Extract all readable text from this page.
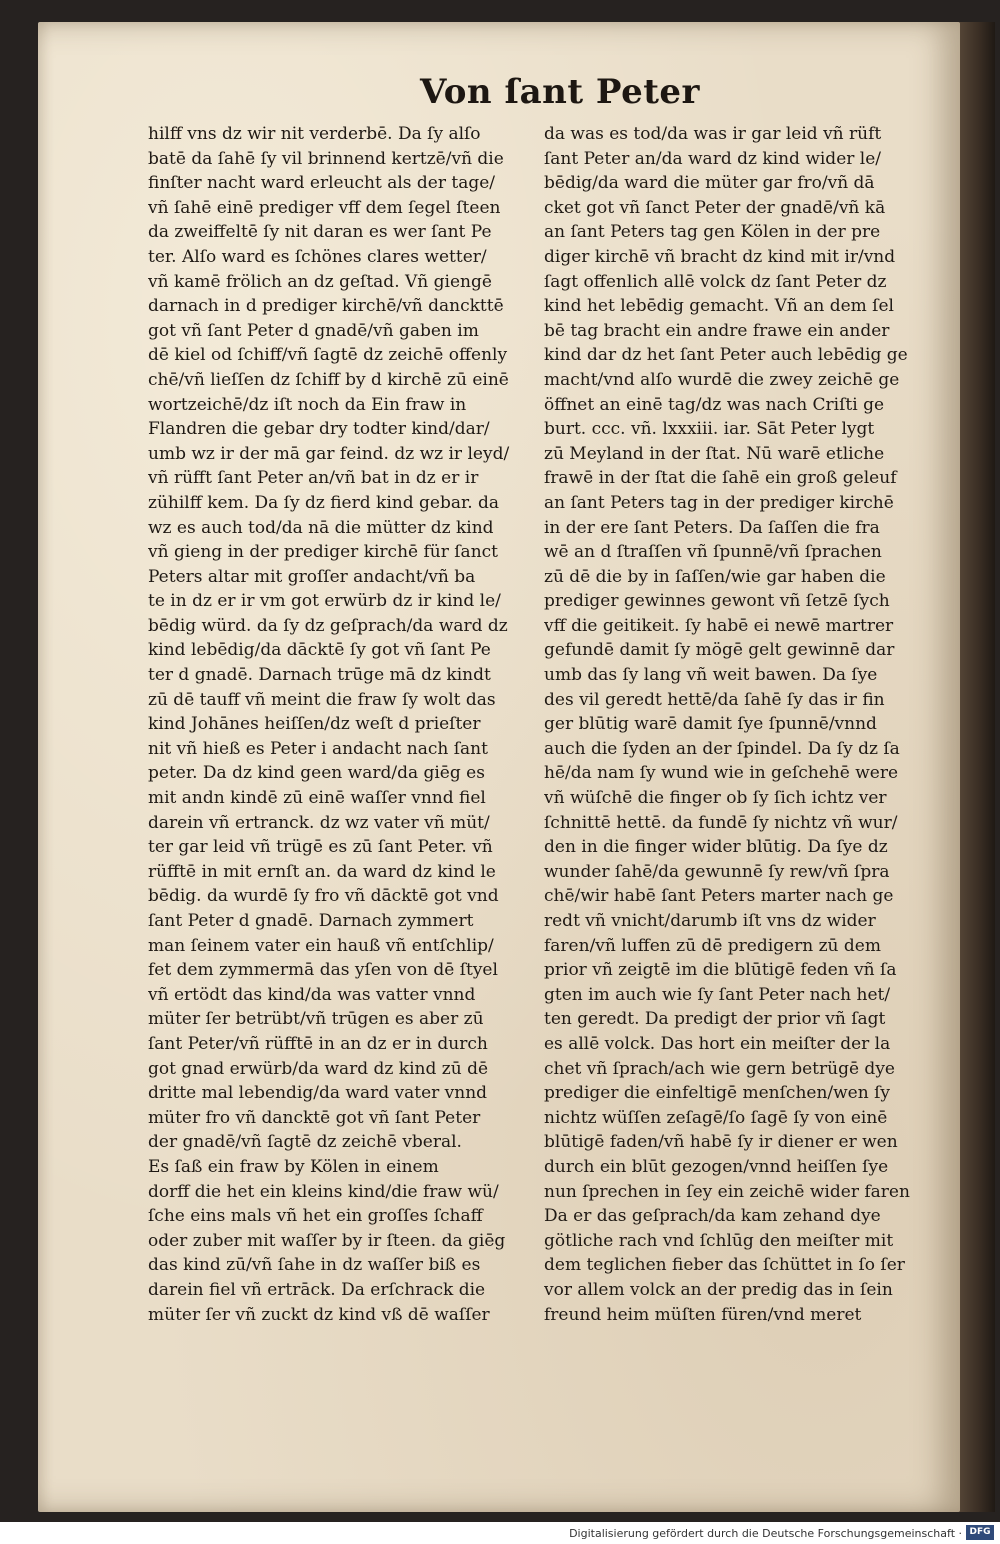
Von ſant Peter
hilff vns dz wir nit verderbē. Da ſy alſo
batē da ſahē ſy vil brinnend kertzē/vñ die
finſter nacht ward erleucht als der tage/
vñ ſahē einē prediger vff dem ſegel ſteen
da zweiffeltē ſy nit daran es wer ſant Pe
ter. Alſo ward es ſchönes clares wetter/
vñ kamē frölich an dz geſtad. Vñ giengē
darnach in d prediger kirchē/vñ danckttē
got vñ ſant Peter d gnadē/vñ gaben im
dē kiel od ſchiff/vñ ſagtē dz zeichē offenly
chē/vñ lieſſen dz ſchiff by d kirchē zū einē
wortzeichē/dz iſt noch da Ein fraw in
Flandren die gebar dry todter kind/dar/
umb wz ir der mā gar feind. dz wz ir leyd/
vñ rüfft ſant Peter an/vñ bat in dz er ir
zühilff kem. Da ſy dz fierd kind gebar. da
wz es auch tod/da nā die mütter dz kind
vñ gieng in der prediger kirchē für ſanct
Peters altar mit groſſer andacht/vñ ba
te in dz er ir vm got erwürb dz ir kind le/
bēdig würd. da ſy dz geſprach/da ward dz
kind lebēdig/da dācktē ſy got vñ ſant Pe
ter d gnadē. Darnach trūge mā dz kindt
zū dē tauff vñ meint die fraw ſy wolt das
kind Johānes heiſſen/dz weſt d prieſter
nit vñ hieß es Peter i andacht nach ſant
peter. Da dz kind geen ward/da giēg es
mit andn kindē zū einē waſſer vnnd fiel
darein vñ ertranck. dz wz vater vñ müt/
ter gar leid vñ trügē es zū ſant Peter. vñ
rüfftē in mit ernſt an. da ward dz kind le
bēdig. da wurdē ſy fro vñ dācktē got vnd
ſant Peter d gnadē. Darnach zymmert
man ſeinem vater ein hauß vñ entſchlip/
fet dem zymmermā das yſen von dē ſtyel
vñ ertödt das kind/da was vatter vnnd
müter ſer betrübt/vñ trūgen es aber zū
ſant Peter/vñ rüfftē in an dz er in durch
got gnad erwürb/da ward dz kind zū dē
dritte mal lebendig/da ward vater vnnd
müter fro vñ dancktē got vñ ſant Peter
der gnadē/vñ ſagtē dz zeichē vberal.
Es ſaß ein fraw by Kölen in einem
dorff die het ein kleins kind/die fraw wü/
ſche eins mals vñ het ein groſſes ſchaff
oder zuber mit waſſer by ir ſteen. da giēg
das kind zū/vñ ſahe in dz waſſer biß es
darein fiel vñ ertrāck. Da erſchrack die
müter ſer vñ zuckt dz kind vß dē waſſer
da was es tod/da was ir gar leid vñ rüft
ſant Peter an/da ward dz kind wider le/
bēdig/da ward die müter gar fro/vñ dā
cket got vñ ſanct Peter der gnadē/vñ kā
an ſant Peters tag gen Kölen in der pre
diger kirchē vñ bracht dz kind mit ir/vnd
ſagt offenlich allē volck dz ſant Peter dz
kind het lebēdig gemacht. Vñ an dem ſel
bē tag bracht ein andre frawe ein ander
kind dar dz het ſant Peter auch lebēdig ge
macht/vnd alſo wurdē die zwey zeichē ge
öffnet an einē tag/dz was nach Criſti ge
burt. ccc. vñ. lxxxiii. iar. Sāt Peter lygt
zū Meyland in der ſtat. Nū warē etliche
frawē in der ſtat die ſahē ein groß geleuf
an ſant Peters tag in der prediger kirchē
in der ere ſant Peters. Da ſaſſen die fra
wē an d ſtraſſen vñ ſpunnē/vñ ſprachen
zū dē die by in ſaſſen/wie gar haben die
prediger gewinnes gewont vñ ſetzē ſych
vff die geitikeit. ſy habē ei newē martrer
gefundē damit ſy mögē gelt gewinnē dar
umb das ſy lang vñ weit bawen. Da ſye
des vil geredt hettē/da ſahē ſy das ir fin
ger blūtig warē damit ſye ſpunnē/vnnd
auch die ſyden an der ſpindel. Da ſy dz ſa
hē/da nam ſy wund wie in geſchehē were
vñ wüſchē die finger ob ſy ſich ichtz ver
ſchnittē hettē. da fundē ſy nichtz vñ wur/
den in die finger wider blūtig. Da ſye dz
wunder ſahē/da gewunnē ſy rew/vñ ſpra
chē/wir habē ſant Peters marter nach ge
redt vñ vnicht/darumb iſt vns dz wider
faren/vñ luffen zū dē predigern zū dem
prior vñ zeigtē im die blūtigē feden vñ ſa
gten im auch wie ſy ſant Peter nach het/
ten geredt. Da predigt der prior vñ ſagt
es allē volck. Das hort ein meiſter der la
chet vñ ſprach/ach wie gern betrügē dye
prediger die einfeltigē menſchen/wen ſy
nichtz wüſſen zeſagē/ſo ſagē ſy von einē
blūtigē faden/vñ habē ſy ir diener er wen
durch ein blūt gezogen/vnnd heiſſen ſye
nun ſprechen in ſey ein zeichē wider faren
Da er das geſprach/da kam zehand dye
götliche rach vnd ſchlūg den meiſter mit
dem teglichen fieber das ſchüttet in ſo ſer
vor allem volck an der predig das in ſein
freund heim müſten füren/vnd meret
Digitalisierung gefördert durch die Deutsche Forschungsgemeinschaft · DFG
